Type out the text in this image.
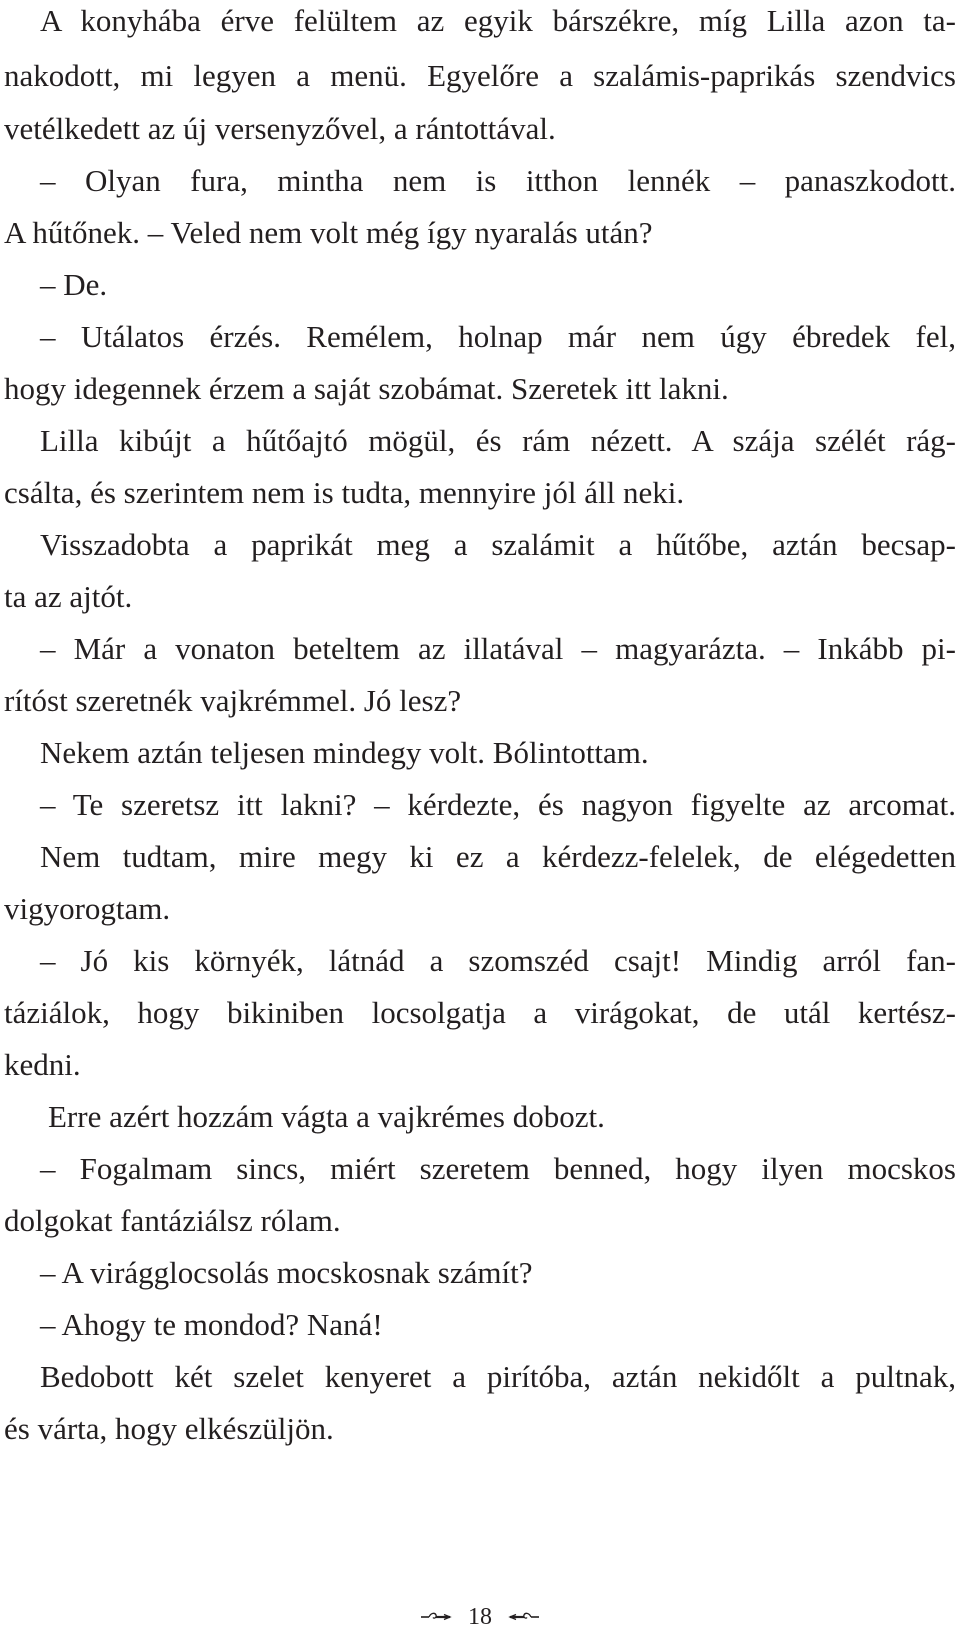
A konyhába érve felültem az egyik bárszékre, míg Lilla azon ta-
nakodott, mi legyen a menü. Egyelőre a szalámis-paprikás szendvics
vetélkedett az új versenyzővel, a rántottával.
– Olyan fura, mintha nem is itthon lennék – panaszkodott.
A hűtőnek. – Veled nem volt még így nyaralás után?
– De.
– Utálatos érzés. Remélem, holnap már nem úgy ébredek fel,
hogy idegennek érzem a saját szobámat. Szeretek itt lakni.
Lilla kibújt a hűtőajtó mögül, és rám nézett. A szája szélét rág-
csálta, és szerintem nem is tudta, mennyire jól áll neki.
Visszadobta a paprikát meg a szalámit a hűtőbe, aztán becsap-
ta az ajtót.
– Már a vonaton beteltem az illatával – magyarázta. – Inkább pi-
rítóst szeretnék vajkrémmel. Jó lesz?
Nekem aztán teljesen mindegy volt. Bólintottam.
– Te szeretsz itt lakni? – kérdezte, és nagyon figyelte az arcomat.
Nem tudtam, mire megy ki ez a kérdezz-felelek, de elégedetten
vigyorogtam.
– Jó kis környék, látnád a szomszéd csajt! Mindig arról fan-
táziálok, hogy bikiniben locsolgatja a virágokat, de utál kertész-
kedni.
Erre azért hozzám vágta a vajkrémes dobozt.
– Fogalmam sincs, miért szeretem benned, hogy ilyen mocskos
dolgokat fantáziálsz rólam.
– A virágglocsolás mocskosnak számít?
– Ahogy te mondod? Naná!
Bedobott két szelet kenyeret a pirítóba, aztán nekidőlt a pultnak,
és várta, hogy elkészüljön.
18
